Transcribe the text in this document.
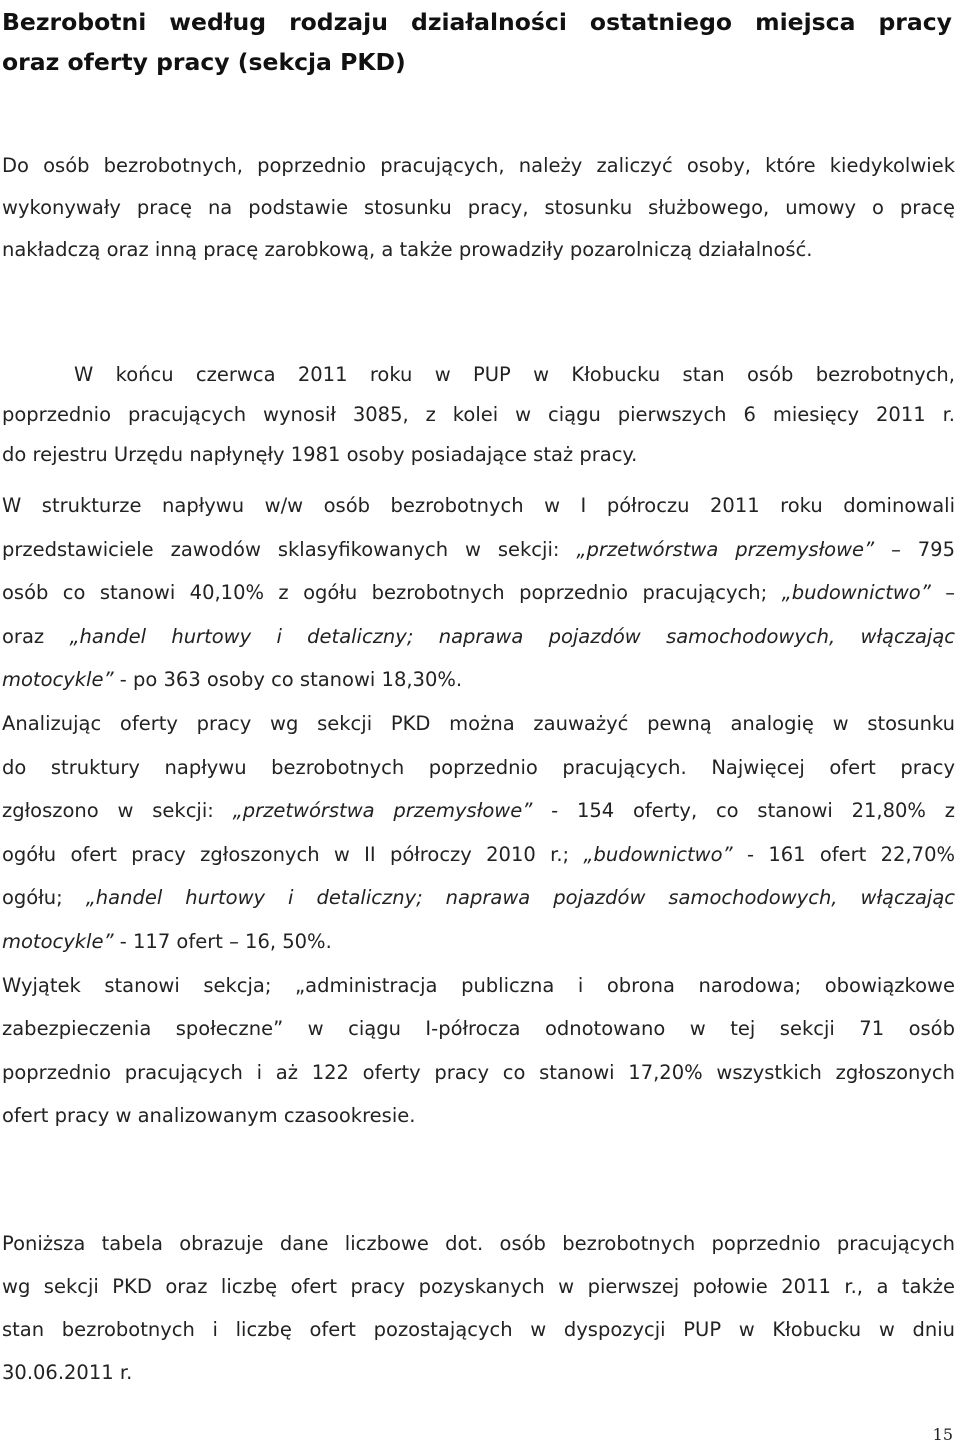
Bezrobotni według rodzaju działalności ostatniego miejsca pracy
oraz oferty pracy (sekcja PKD)

Do osób bezrobotnych, poprzednio pracujących, należy zaliczyć osoby, które kiedykolwiek
wykonywały pracę na podstawie stosunku pracy, stosunku służbowego, umowy o pracę
nakładczą oraz inną pracę zarobkową, a także prowadziły pozarolniczą działalność.

W końcu czerwca 2011 roku w PUP w Kłobucku stan osób bezrobotnych,
poprzednio pracujących wynosił 3085, z kolei w ciągu pierwszych 6 miesięcy 2011 r.
do rejestru Urzędu napłynęły 1981 osoby posiadające staż pracy.

W strukturze napływu w/w osób bezrobotnych w I półroczu 2011 roku dominowali
przedstawiciele zawodów sklasyfikowanych w sekcji: „przetwórstwa przemysłowe” – 795
osób co stanowi 40,10% z ogółu bezrobotnych poprzednio pracujących; „budownictwo” –
oraz „handel hurtowy i detaliczny; naprawa pojazdów samochodowych, włączając
motocykle” - po 363 osoby co stanowi 18,30%.
Analizując oferty pracy wg sekcji PKD można zauważyć pewną analogię w stosunku
do struktury napływu bezrobotnych poprzednio pracujących. Najwięcej ofert pracy
zgłoszono w sekcji: „przetwórstwa przemysłowe” - 154 oferty, co stanowi 21,80% z
ogółu ofert pracy zgłoszonych w II półroczy 2010 r.; „budownictwo” - 161 ofert 22,70%
ogółu; „handel hurtowy i detaliczny; naprawa pojazdów samochodowych, włączając
motocykle” - 117 ofert – 16, 50%.
Wyjątek stanowi sekcja; „administracja publiczna i obrona narodowa; obowiązkowe
zabezpieczenia społeczne” w ciągu I-półrocza odnotowano w tej sekcji 71 osób
poprzednio pracujących i aż 122 oferty pracy co stanowi 17,20% wszystkich zgłoszonych
ofert pracy w analizowanym czasookresie.

Poniższa tabela obrazuje dane liczbowe dot. osób bezrobotnych poprzednio pracujących
wg sekcji PKD oraz liczbę ofert pracy pozyskanych w pierwszej połowie 2011 r., a także
stan bezrobotnych i liczbę ofert pozostających w dyspozycji PUP w Kłobucku w dniu
30.06.2011 r.

15
